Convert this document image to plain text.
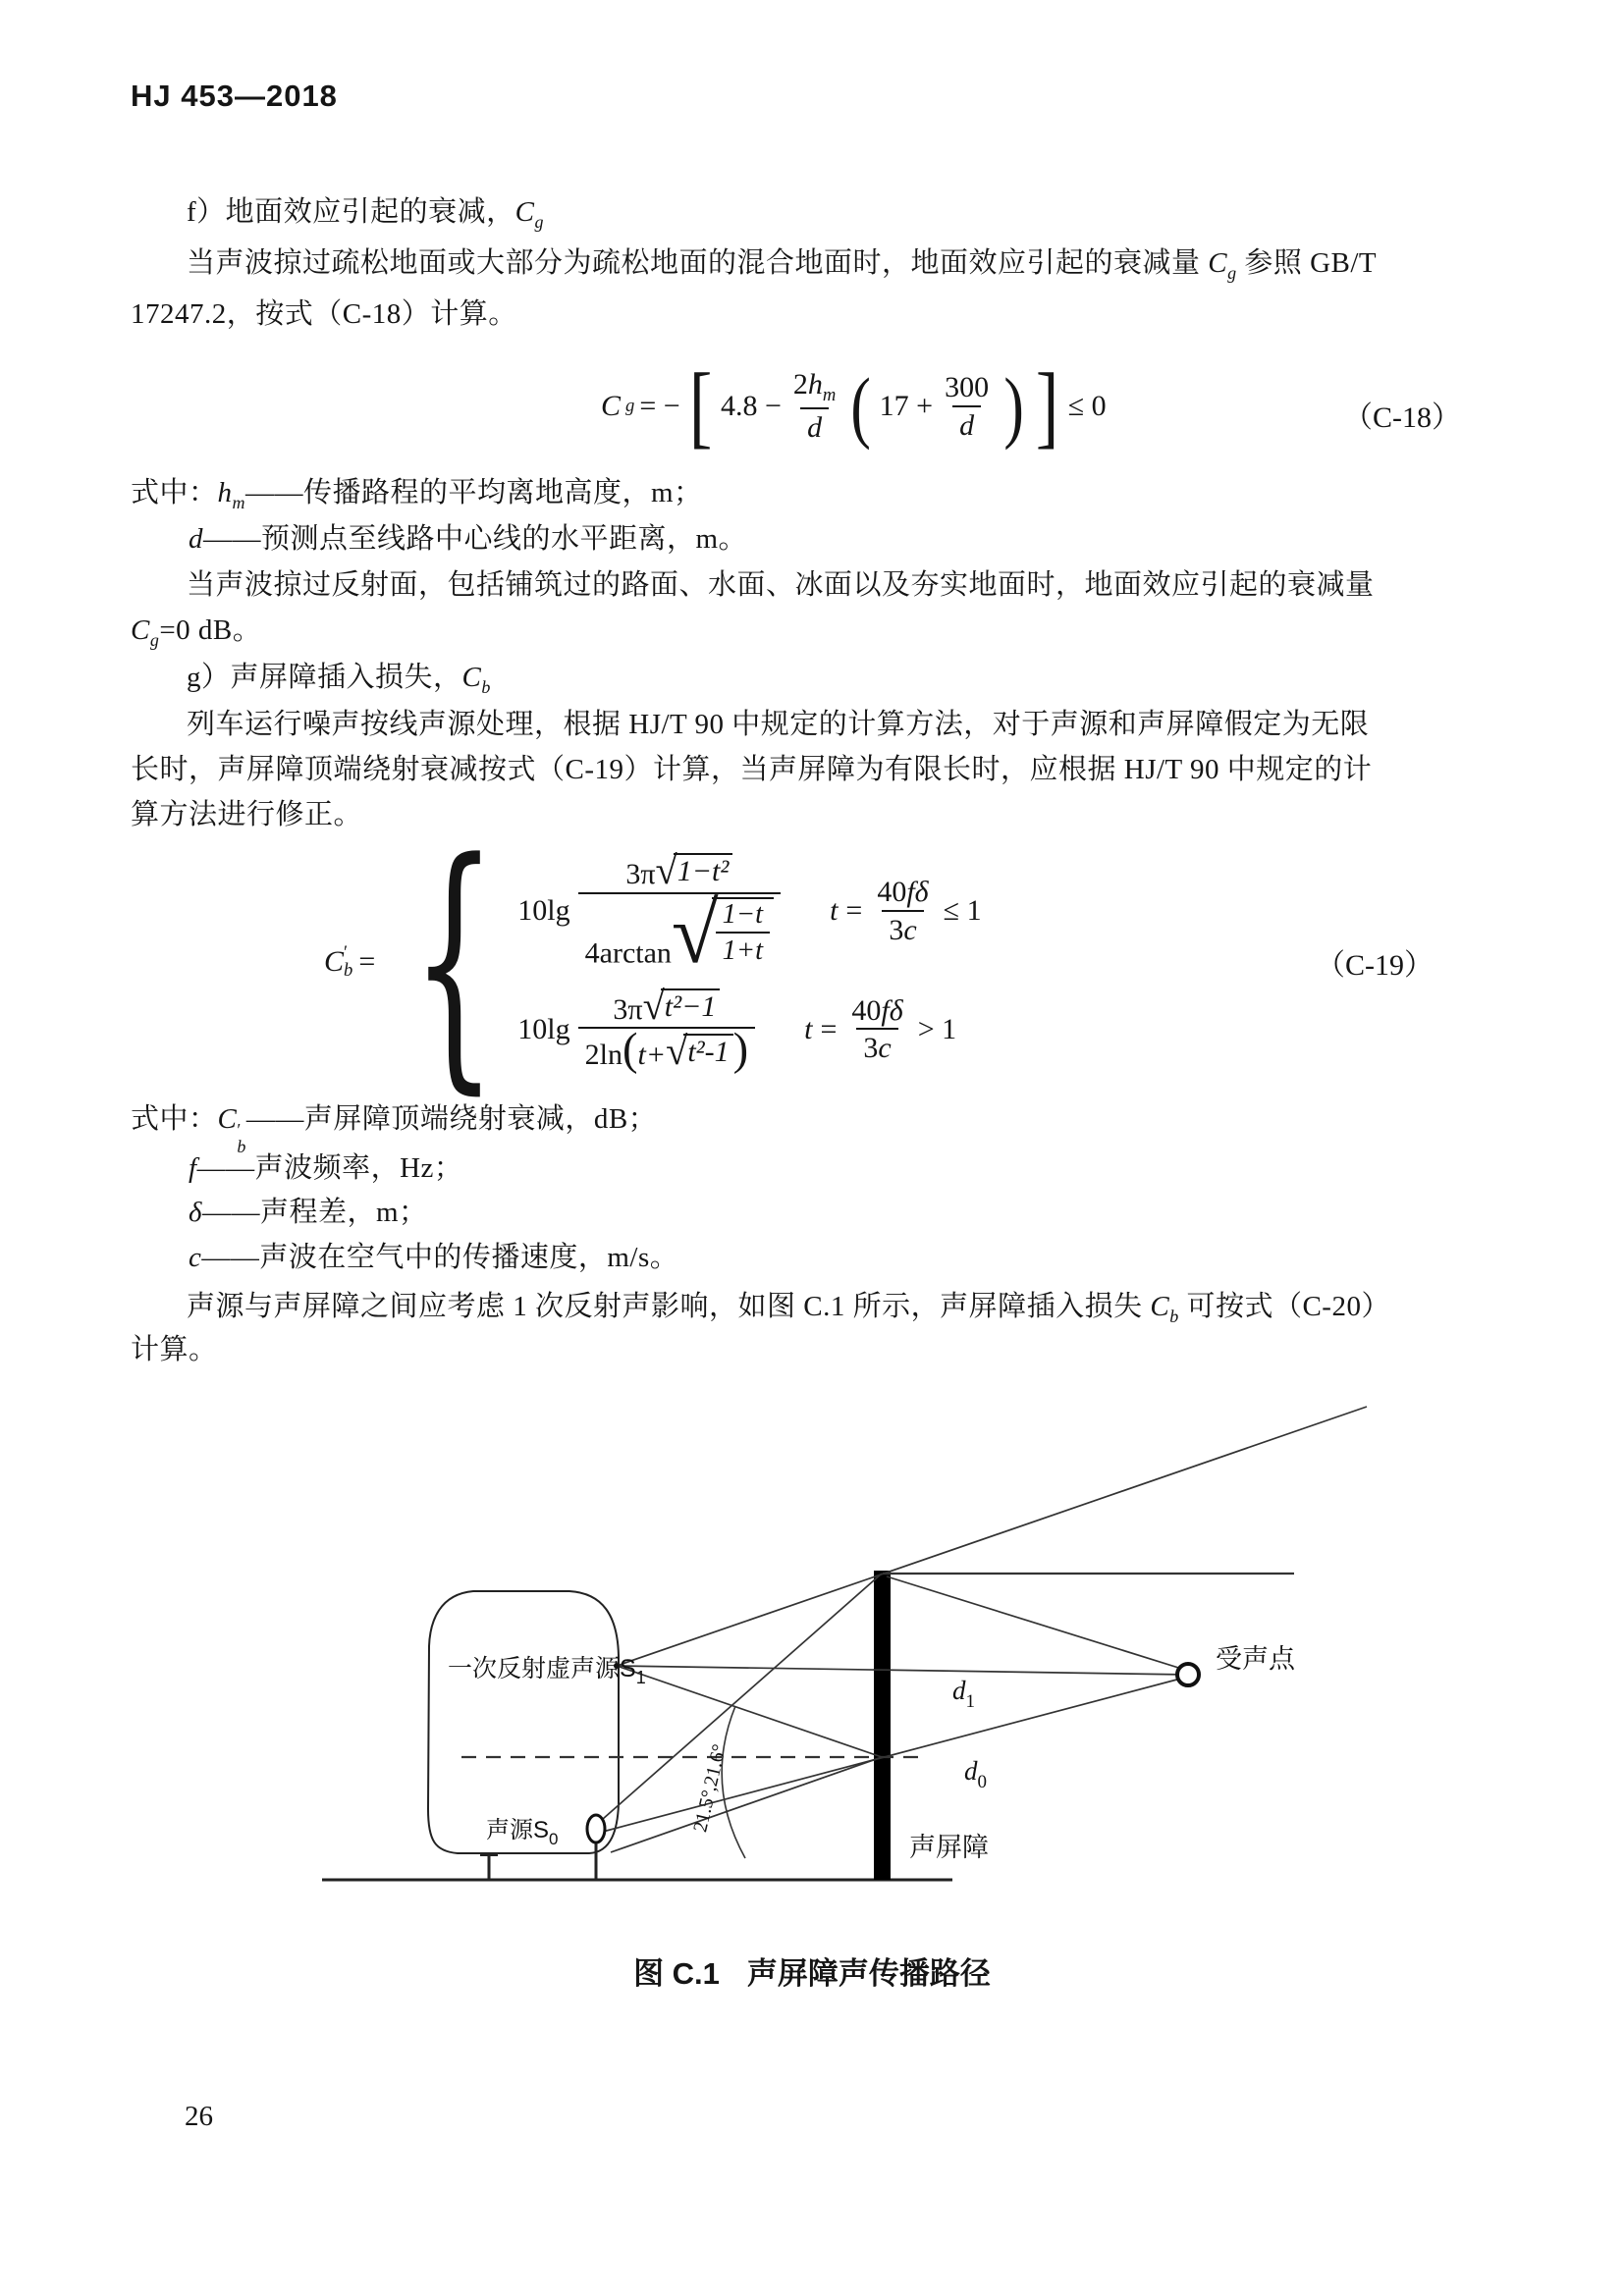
HJ 453—2018
f）地面效应引起的衰减，$C_g$
当声波掠过疏松地面或大部分为疏松地面的混合地面时，地面效应引起的衰减量 $C_g$ 参照 GB/T
17247.2，按式（C-18）计算。
C g = − [ $4.8 - \frac{2h_m}{d}$ ( $17 + \frac{300}{d}$ ) ] ≤ 0	（C-18）
式中：$h_m——$传播路程的平均离地高度，m；
d——预测点至线路中心线的水平距离，m。
当声波掠过反射面，包括铺筑过的路面、水面、冰面以及夯实地面时，地面效应引起的衰减量
$C_g=0$ dB。
g）声屏障插入损失，$C_b$
列车运行噪声按线声源处理，根据 HJ/T 90 中规定的计算方法，对于声源和声屏障假定为无限
长时，声屏障顶端绕射衰减按式（C-19）计算，当声屏障为有限长时，应根据 HJ/T 90 中规定的计
算方法进行修正。
C ′
b = { 10lg 3π √ 1−t²
4arctan √
$\frac{1-t}{1+t}$ $t = \frac{40f\delta}{3c} \le 1$
$10\lg \frac{\text{3π √ t²−1}}{\text{2ln(t+ √ t²-1 )}}$ $t = \frac{40f\delta}{3c} > 1$
（C-19）
式中：C ′
b
——声屏障顶端绕射衰减，dB；
f——声波频率，Hz；
δ——声程差，m；
c——声波在空气中的传播速度，m/s。
声源与声屏障之间应考虑 1 次反射声影响，如图 C.1 所示，声屏障插入损失 $C_b$ 可按式（C-20）
计算。
一次反射虚声源$S_1$
声源$S_0$
受声点
声屏障
$d_1$
$d_0$
21.5°,21.6°
图 C.1 声屏障声传播路径
26
